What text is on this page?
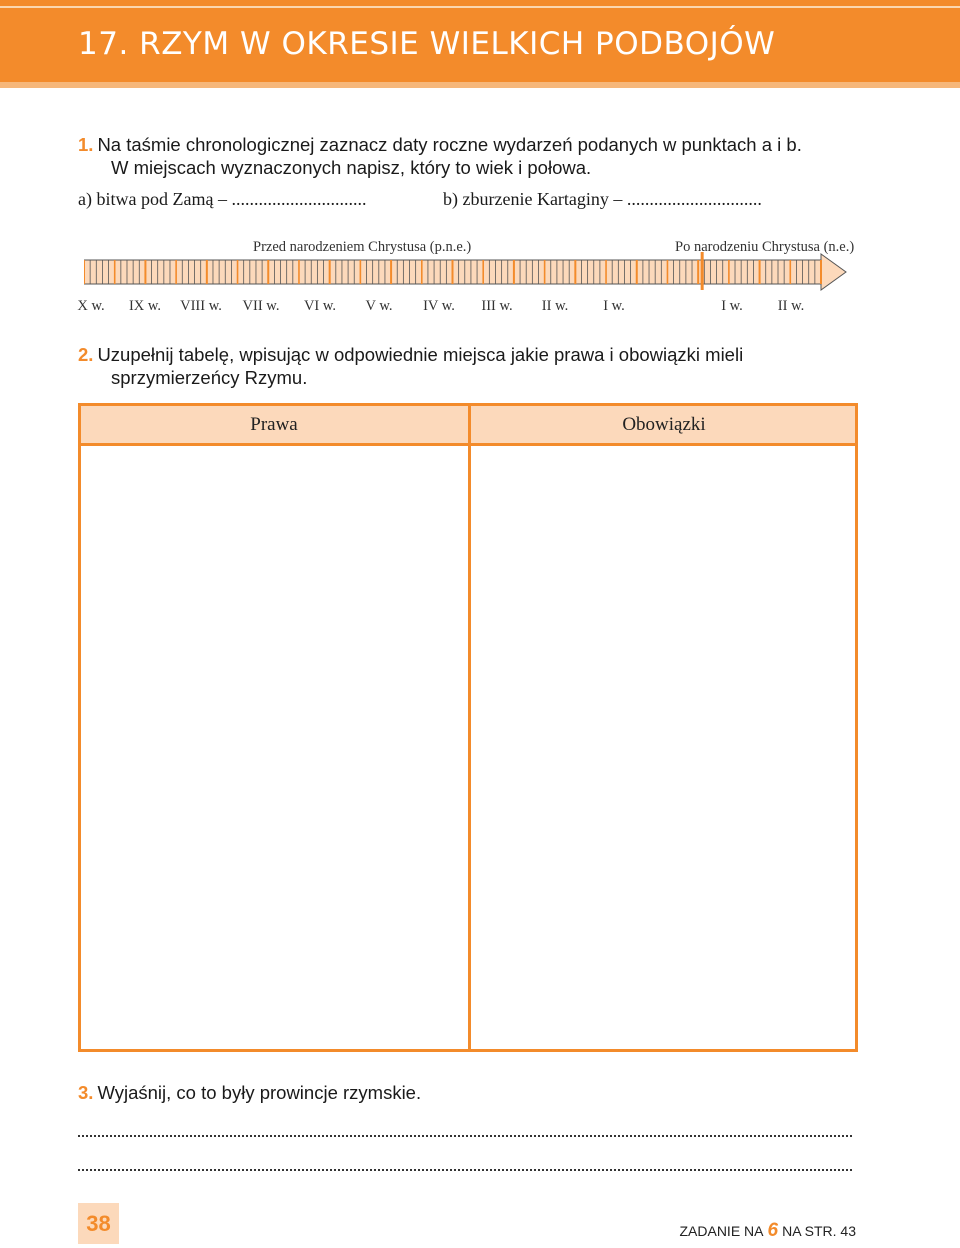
17. RZYM W OKRESIE WIELKICH PODBOJÓW
1. Na taśmie chronologicznej zaznacz daty roczne wydarzeń podanych w punktach a i b.
W miejscach wyznaczonych napisz, który to wiek i połowa.
a) bitwa pod Zamą – ..............................	b) zburzenie Kartaginy – ..............................
Przed narodzeniem Chrystusa (p.n.e.)	Po narodzeniu Chrystusa (n.e.)
X w. IX w. VIII w. VII w. VI w. V w. IV w. III w. II w. I w.	I w. II w.
2. Uzupełnij tabelę, wpisując w odpowiednie miejsca jakie prawa i obowiązki mieli
sprzymierzeńcy Rzymu.
Prawa	Obowiązki
3. Wyjaśnij, co to były prowincje rzymskie.
38	ZADANIE NA 6 NA STR. 43
